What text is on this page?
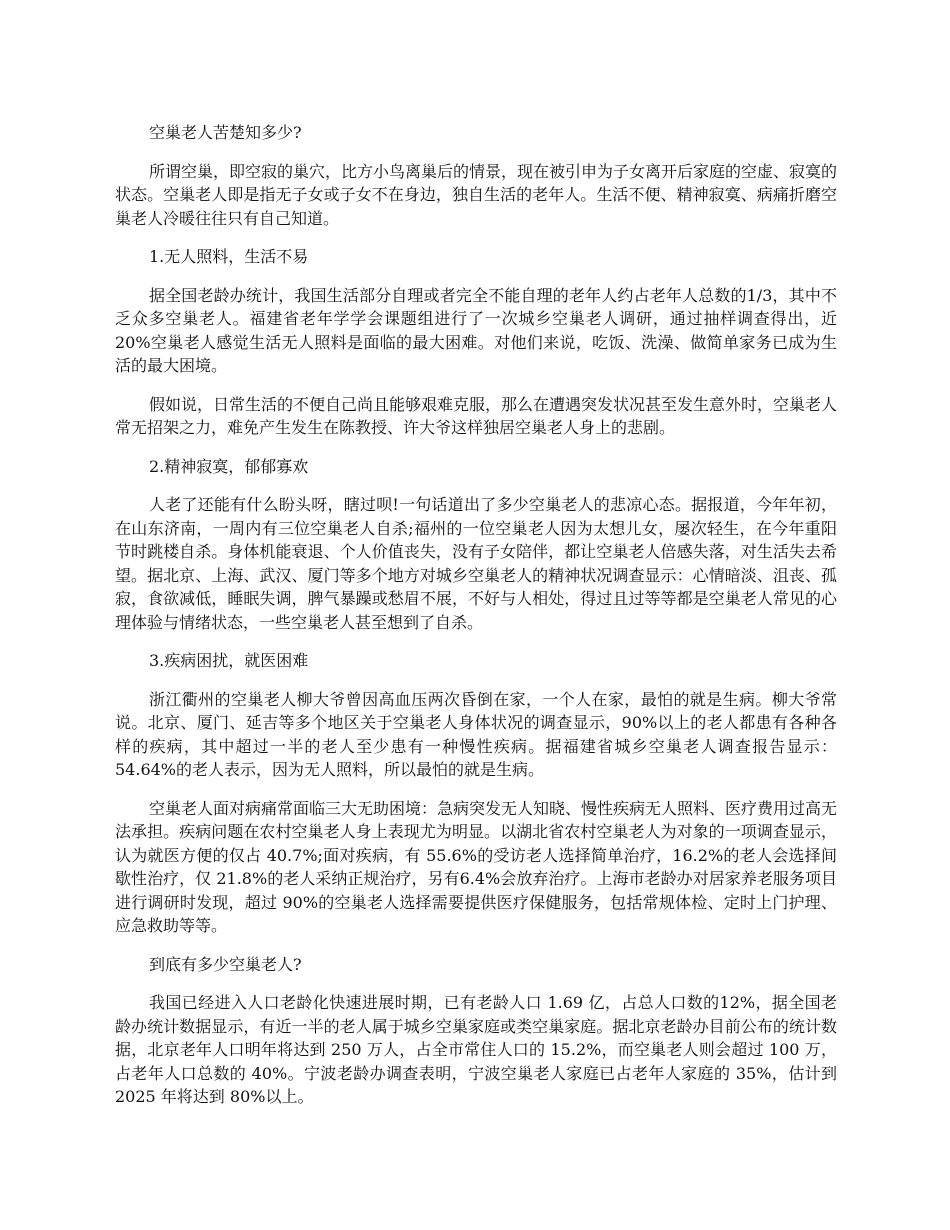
空巢老人苦楚知多少?

所谓空巢，即空寂的巢穴，比方小鸟离巢后的情景，现在被引申为子女离开后家庭的空虚、寂寞的状态。空巢老人即是指无子女或子女不在身边，独自生活的老年人。生活不便、精神寂寞、病痛折磨空巢老人冷暖往往只有自己知道。

1.无人照料，生活不易

据全国老龄办统计，我国生活部分自理或者完全不能自理的老年人约占老年人总数的1/3，其中不乏众多空巢老人。福建省老年学学会课题组进行了一次城乡空巢老人调研，通过抽样调查得出，近 20%空巢老人感觉生活无人照料是面临的最大困难。对他们来说，吃饭、洗澡、做简单家务已成为生活的最大困境。

假如说，日常生活的不便自己尚且能够艰难克服，那么在遭遇突发状况甚至发生意外时，空巢老人常无招架之力，难免产生发生在陈教授、许大爷这样独居空巢老人身上的悲剧。

2.精神寂寞，郁郁寡欢

人老了还能有什么盼头呀，瞎过呗!一句话道出了多少空巢老人的悲凉心态。据报道，今年年初，在山东济南，一周内有三位空巢老人自杀;福州的一位空巢老人因为太想儿女，屡次轻生，在今年重阳节时跳楼自杀。身体机能衰退、个人价值丧失，没有子女陪伴，都让空巢老人倍感失落，对生活失去希望。据北京、上海、武汉、厦门等多个地方对城乡空巢老人的精神状况调查显示：心情暗淡、沮丧、孤寂，食欲减低，睡眠失调，脾气暴躁或愁眉不展，不好与人相处，得过且过等等都是空巢老人常见的心理体验与情绪状态，一些空巢老人甚至想到了自杀。

3.疾病困扰，就医困难

浙江衢州的空巢老人柳大爷曾因高血压两次昏倒在家，一个人在家，最怕的就是生病。柳大爷常说。北京、厦门、延吉等多个地区关于空巢老人身体状况的调查显示，90%以上的老人都患有各种各样的疾病，其中超过一半的老人至少患有一种慢性疾病。据福建省城乡空巢老人调查报告显示：54.64%的老人表示，因为无人照料，所以最怕的就是生病。

空巢老人面对病痛常面临三大无助困境：急病突发无人知晓、慢性疾病无人照料、医疗费用过高无法承担。疾病问题在农村空巢老人身上表现尤为明显。以湖北省农村空巢老人为对象的一项调查显示，认为就医方便的仅占 40.7%;面对疾病，有 55.6%的受访老人选择简单治疗，16.2%的老人会选择间歇性治疗，仅 21.8%的老人采纳正规治疗，另有6.4%会放弃治疗。上海市老龄办对居家养老服务项目进行调研时发现，超过 90%的空巢老人选择需要提供医疗保健服务，包括常规体检、定时上门护理、应急救助等等。

到底有多少空巢老人?

我国已经进入人口老龄化快速进展时期，已有老龄人口 1.69 亿，占总人口数的12%，据全国老龄办统计数据显示，有近一半的老人属于城乡空巢家庭或类空巢家庭。据北京老龄办目前公布的统计数据，北京老年人口明年将达到 250 万人，占全市常住人口的 15.2%，而空巢老人则会超过 100 万，占老年人口总数的 40%。宁波老龄办调查表明，宁波空巢老人家庭已占老年人家庭的 35%，估计到 2025 年将达到 80%以上。
